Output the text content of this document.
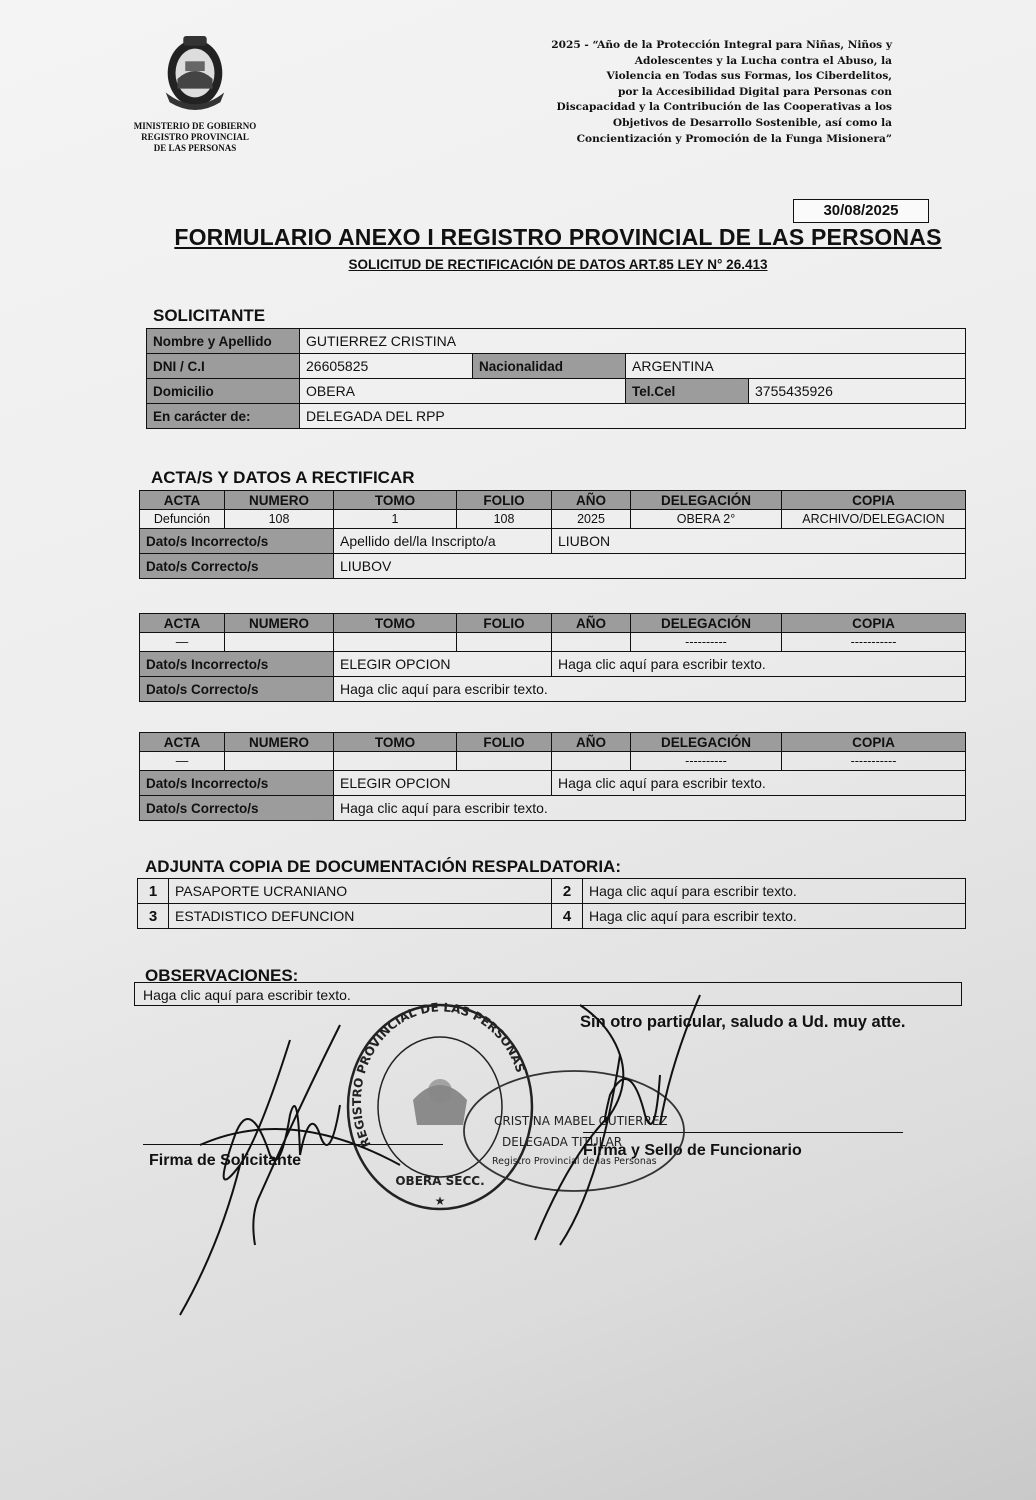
MINISTERIO DE GOBIERNO
REGISTRO PROVINCIAL
DE LAS PERSONAS
2025 - “Año de la Protección Integral para Niñas, Niños y
Adolescentes y la Lucha contra el Abuso, la
Violencia en Todas sus Formas, los Ciberdelitos,
por la Accesibilidad Digital para Personas con
Discapacidad y la Contribución de las Cooperativas a los
Objetivos de Desarrollo Sostenible, así como la
Concientización y Promoción de la Funga Misionera”
30/08/2025
FORMULARIO ANEXO I REGISTRO PROVINCIAL DE LAS PERSONAS
SOLICITUD DE RECTIFICACIÓN DE DATOS ART.85 LEY N° 26.413
SOLICITANTE
Nombre y Apellido	GUTIERREZ CRISTINA			
DNI / C.I	26605825	Nacionalidad	ARGENTINA	
Domicilio	OBERA		Tel.Cel	3755435926
En carácter de:	DELEGADA DEL RPP			
ACTA/S Y DATOS A RECTIFICAR
ACTA	NUMERO	TOMO	FOLIO	AÑO	DELEGACIÓN	COPIA
Defunción	108	1	108	2025	OBERA 2°	ARCHIVO/DELEGACION
Dato/s Incorrecto/s		Apellido del/la Inscripto/a		LIUBON		
Dato/s Correcto/s		LIUBOV				
ACTA	NUMERO	TOMO	FOLIO	AÑO	DELEGACIÓN	COPIA
—					----------	-----------
Dato/s Incorrecto/s		ELEGIR OPCION		Haga clic aquí para escribir texto.		
Dato/s Correcto/s		Haga clic aquí para escribir texto.				
ACTA	NUMERO	TOMO	FOLIO	AÑO	DELEGACIÓN	COPIA
—					----------	-----------
Dato/s Incorrecto/s		ELEGIR OPCION		Haga clic aquí para escribir texto.		
Dato/s Correcto/s		Haga clic aquí para escribir texto.				
ADJUNTA COPIA DE DOCUMENTACIÓN RESPALDATORIA:
1	PASAPORTE UCRANIANO	2	Haga clic aquí para escribir texto.
3	ESTADISTICO DEFUNCION	4	Haga clic aquí para escribir texto.
OBSERVACIONES:
Haga clic aquí para escribir texto.
Sin otro particular, saludo a Ud. muy atte.
Firma de Solicitante
Firma y Sello de Funcionario
REGISTRO PROVINCIAL DE LAS PERSONAS
OBERA SECC.
★
CRISTINA MABEL GUTIERREZ
DELEGADA TITULAR
Registro Provincial de las Personas
